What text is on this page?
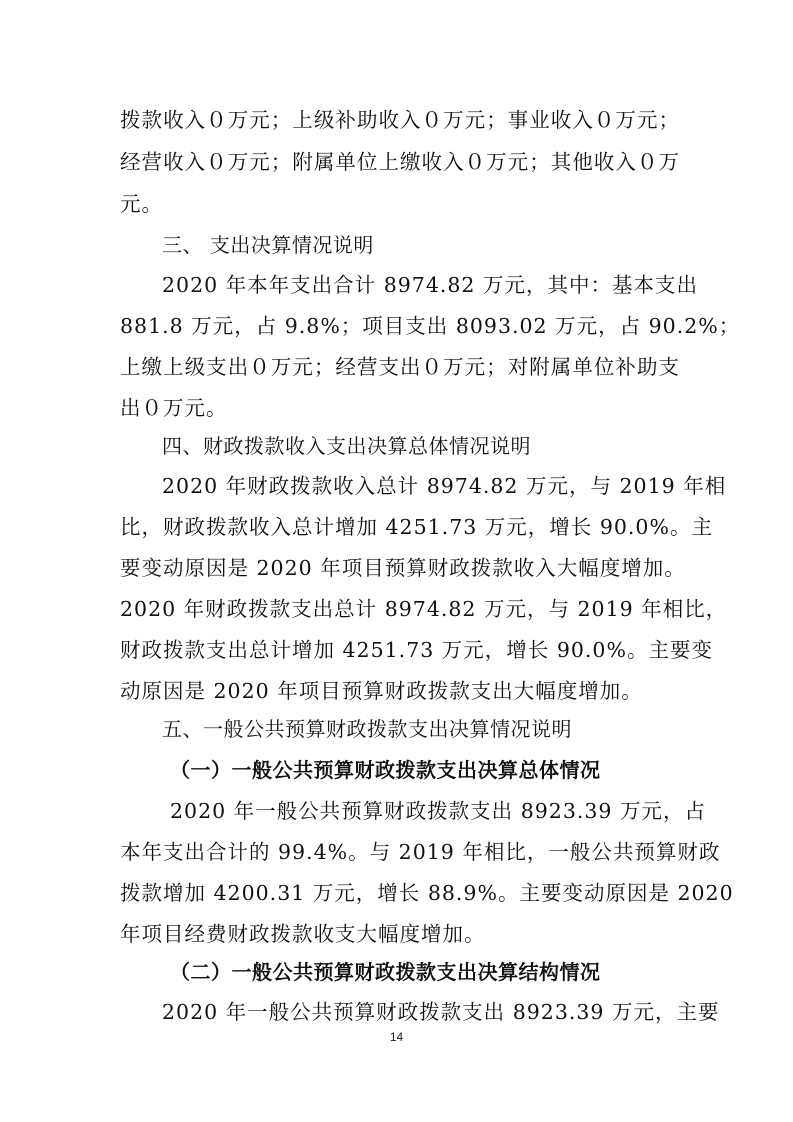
拨款收入０万元；上级补助收入０万元；事业收入０万元；
经营收入０万元；附属单位上缴收入０万元；其他收入０万
元。
三、 支出决算情况说明
2020 年本年支出合计 8974.82 万元，其中：基本支出
881.8 万元，占 9.8%；项目支出 8093.02 万元，占 90.2%；
上缴上级支出０万元；经营支出０万元；对附属单位补助支
出０万元。
四、财政拨款收入支出决算总体情况说明
2020 年财政拨款收入总计 8974.82 万元，与 2019 年相
比，财政拨款收入总计增加 4251.73 万元，增长 90.0%。主
要变动原因是 2020 年项目预算财政拨款收入大幅度增加。
2020 年财政拨款支出总计 8974.82 万元，与 2019 年相比，
财政拨款支出总计增加 4251.73 万元，增长 90.0%。主要变
动原因是 2020 年项目预算财政拨款支出大幅度增加。
五、一般公共预算财政拨款支出决算情况说明
（一）一般公共预算财政拨款支出决算总体情况
2020 年一般公共预算财政拨款支出 8923.39 万元，占
本年支出合计的 99.4%。与 2019 年相比，一般公共预算财政
拨款增加 4200.31 万元，增长 88.9%。主要变动原因是 2020
年项目经费财政拨款收支大幅度增加。
（二）一般公共预算财政拨款支出决算结构情况
2020 年一般公共预算财政拨款支出 8923.39 万元，主要
14
